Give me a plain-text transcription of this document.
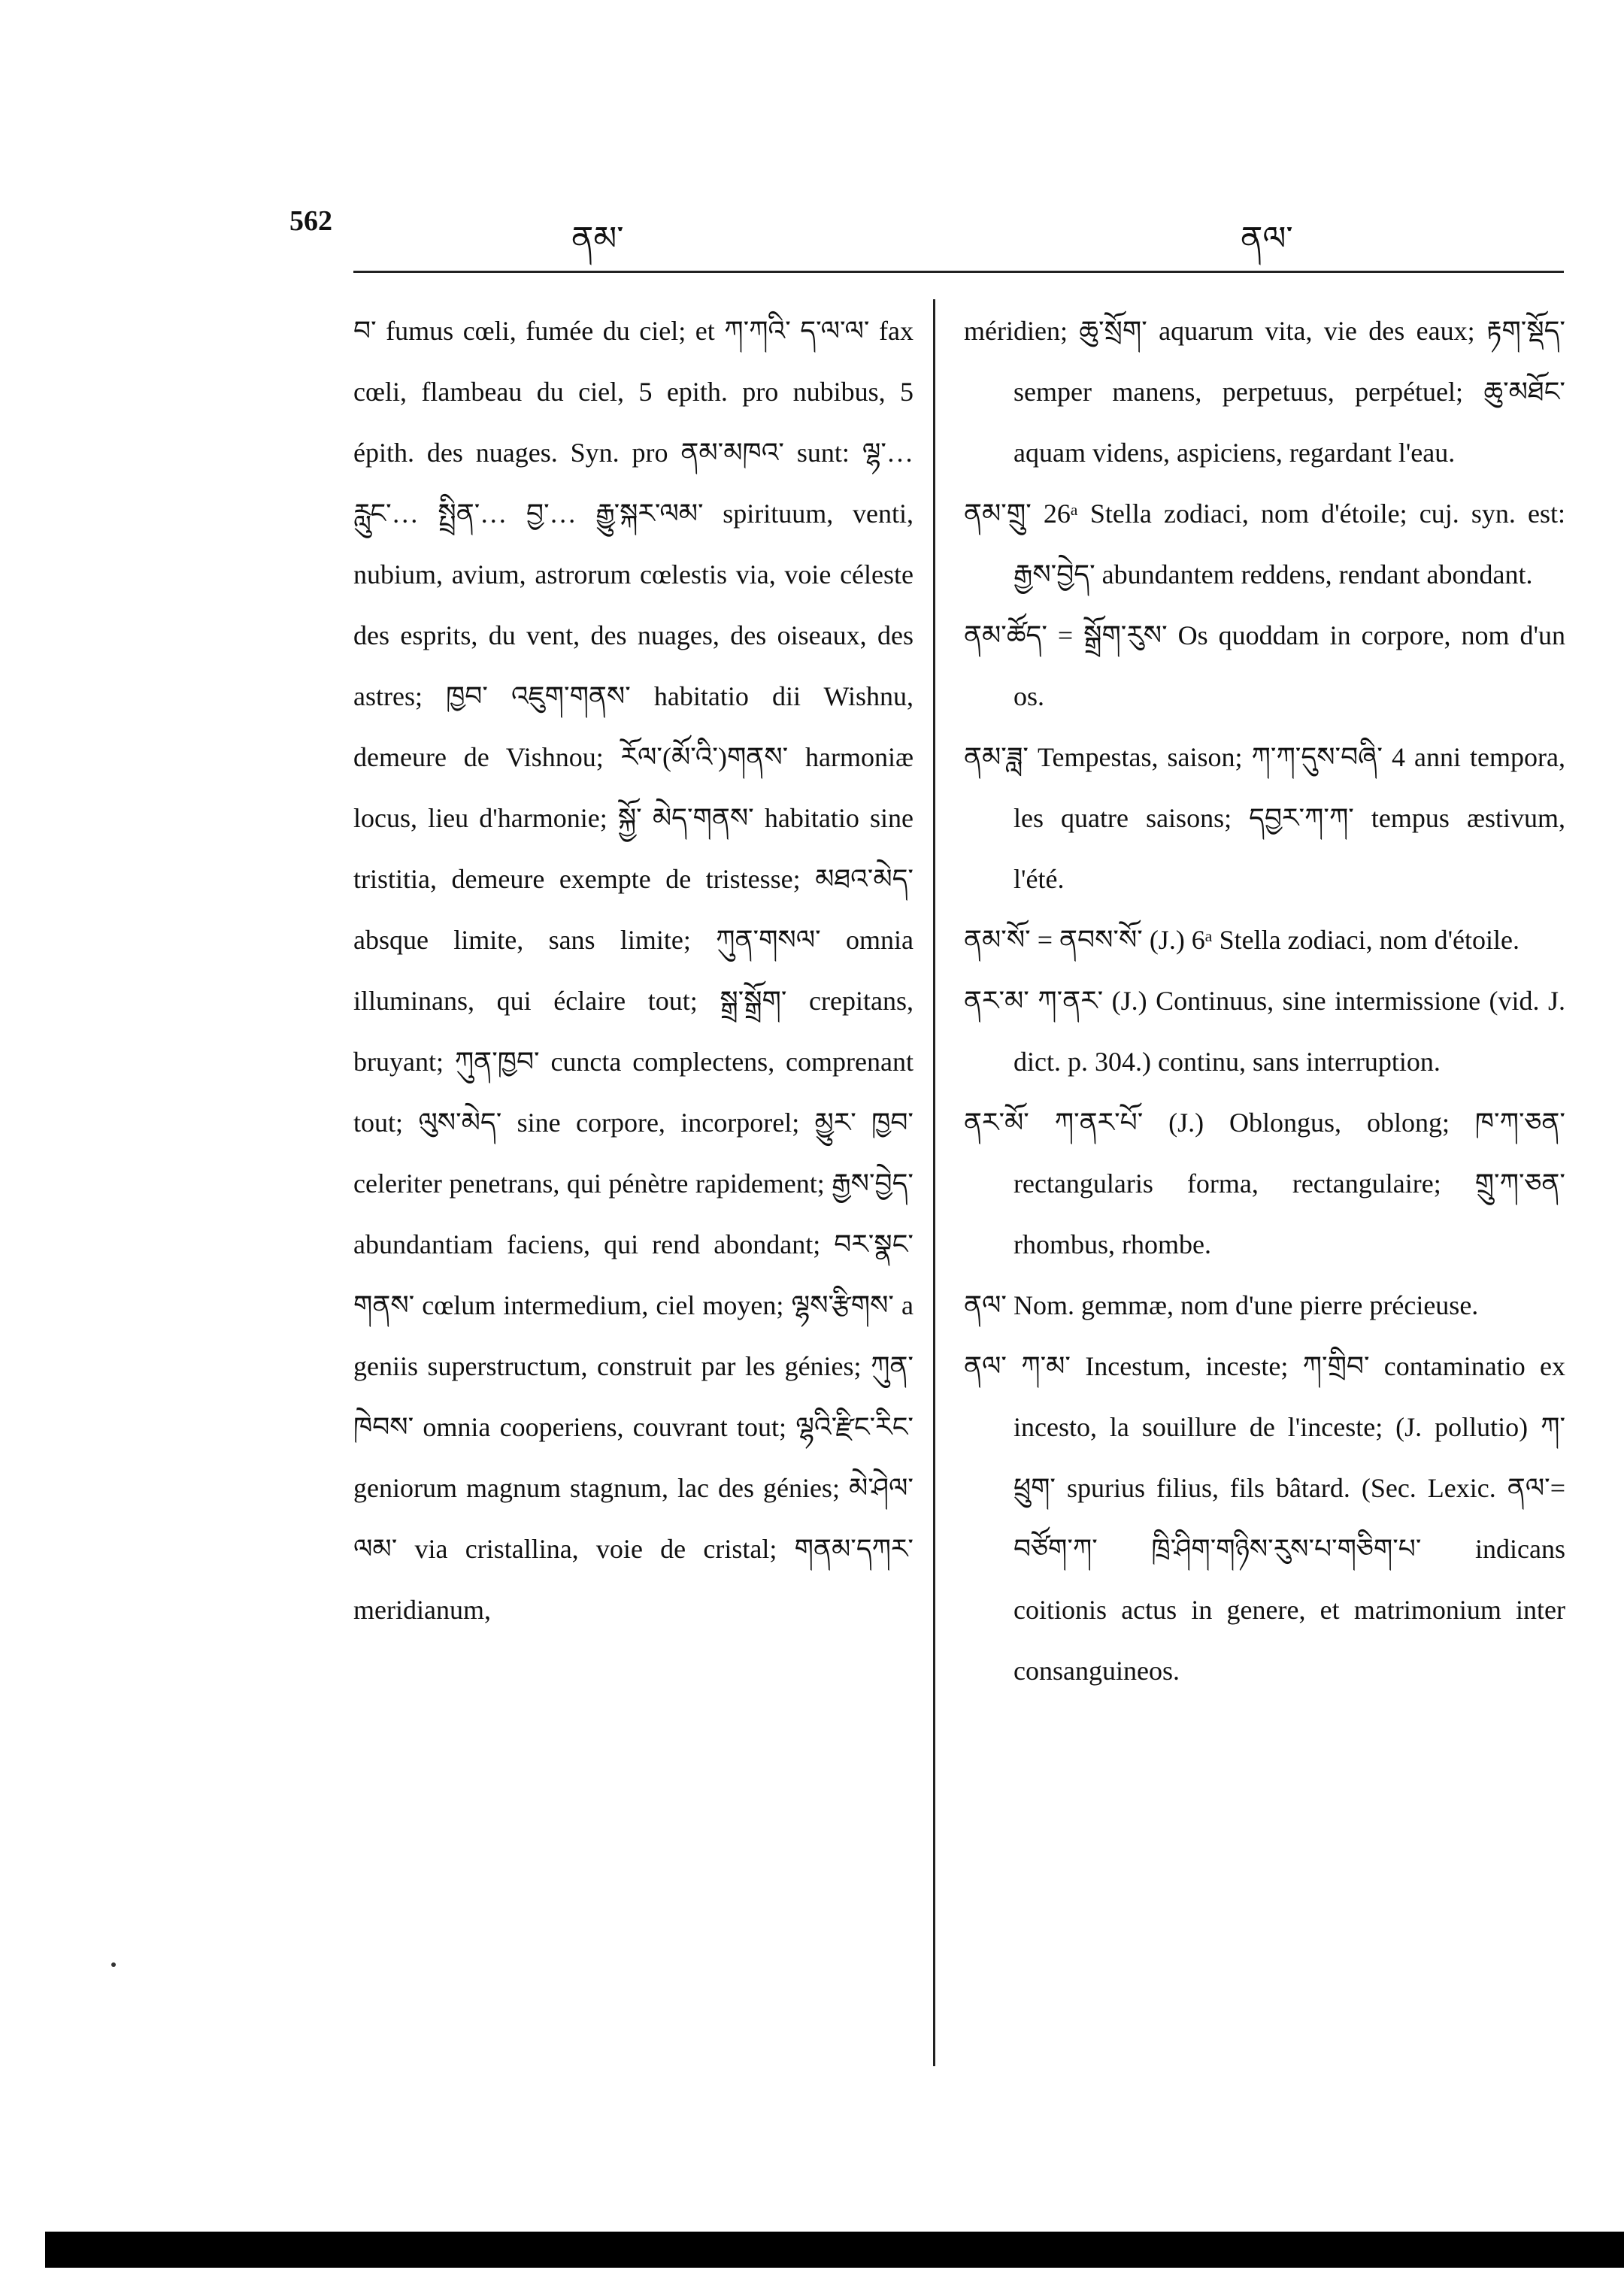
562	ནམ་	ནལ་

བ་ fumus cœli, fumée du ciel; et ཀ་ཀའི་ ད་ལ་ལ་ fax cœli, flambeau du ciel, 5 epith. pro nubibus, 5 épith. des nuages. Syn. pro ནམ་མཁའ་ sunt: ལྷ་… རླུང་… སྤྲིན་… བྱ་… རྒྱུ་སྐར་ལམ་ spirituum, venti, nubium, avium, astrorum cœlestis via, voie céleste des esprits, du vent, des nuages, des oiseaux, des astres; ཁྱབ་ འཇུག་གནས་ habitatio dii Wishnu, demeure de Vishnou; རོལ་(མོ་འི་)གནས་ harmoniæ locus, lieu d'harmonie; སྐྱོ་ མེད་གནས་ habitatio sine tristitia, demeure exempte de tristesse; མཐའ་མེད་ absque limite, sans limite; ཀུན་གསལ་ omnia illuminans, qui éclaire tout; སྒྲ་སྒྲོག་ crepitans, bruyant; ཀུན་ཁྱབ་ cuncta complectens, comprenant tout; ལུས་མེད་ sine corpore, incorporel; མྱུར་ ཁྱབ་ celeriter penetrans, qui pénètre rapidement; རྒྱས་བྱེད་ abundantiam faciens, qui rend abondant; བར་སྣང་ གནས་ cœlum intermedium, ciel moyen; ལྷས་རྩིགས་ a geniis superstructum, construit par les génies; ཀུན་ཁེབས་ omnia cooperiens, couvrant tout; ལྷའི་རྫིང་རིང་ geniorum magnum stagnum, lac des génies; མེ་ཤེལ་ལམ་ via cristallina, voie de cristal; གནམ་དཀར་ meridianum,

méridien; ཆུ་སྲོག་ aquarum vita, vie des eaux; རྟག་སྡོད་ semper manens, perpetuus, perpétuel; ཆུ་མཐོང་ aquam videns, aspiciens, regardant l'eau.

ནམ་གྲུ་ 26ᵃ Stella zodiaci, nom d'étoile; cuj. syn. est: རྒྱས་བྱེད་ abundantem reddens, rendant abondant.

ནམ་ཚོད་ = སྒྲོག་རུས་ Os quoddam in corpore, nom d'un os.

ནམ་ཟླ་ Tempestas, saison; ཀ་ཀ་དུས་བཞི་ 4 anni tempora, les quatre saisons; དབྱར་ཀ་ཀ་ tempus æstivum, l'été.

ནམ་སོ་ = ནབས་སོ་ (J.) 6ᵃ Stella zodiaci, nom d'étoile.

ནར་མ་ ཀ་ནར་ (J.) Continuus, sine intermissione (vid. J. dict. p. 304.) continu, sans interruption.

ནར་མོ་ ཀ་ནར་པོ་ (J.) Oblongus, oblong; ཁ་ཀ་ཅན་ rectangularis forma, rectangulaire; གྲུ་ཀ་ཅན་ rhombus, rhombe.

ནལ་ Nom. gemmæ, nom d'une pierre précieuse.

ནལ་ ཀ་མ་ Incestum, inceste; ཀ་གྲིབ་ contaminatio ex incesto, la souillure de l'inceste; (J. pollutio) ཀ་ཕྲུག་ spurius filius, fils bâtard. (Sec. Lexic. ནལ་= བཙོག་ཀ་ ཁྲི་ཤིག་གཉིས་རུས་པ་གཅིག་པ་ indicans coitionis actus in genere, et matrimonium inter consanguineos.
